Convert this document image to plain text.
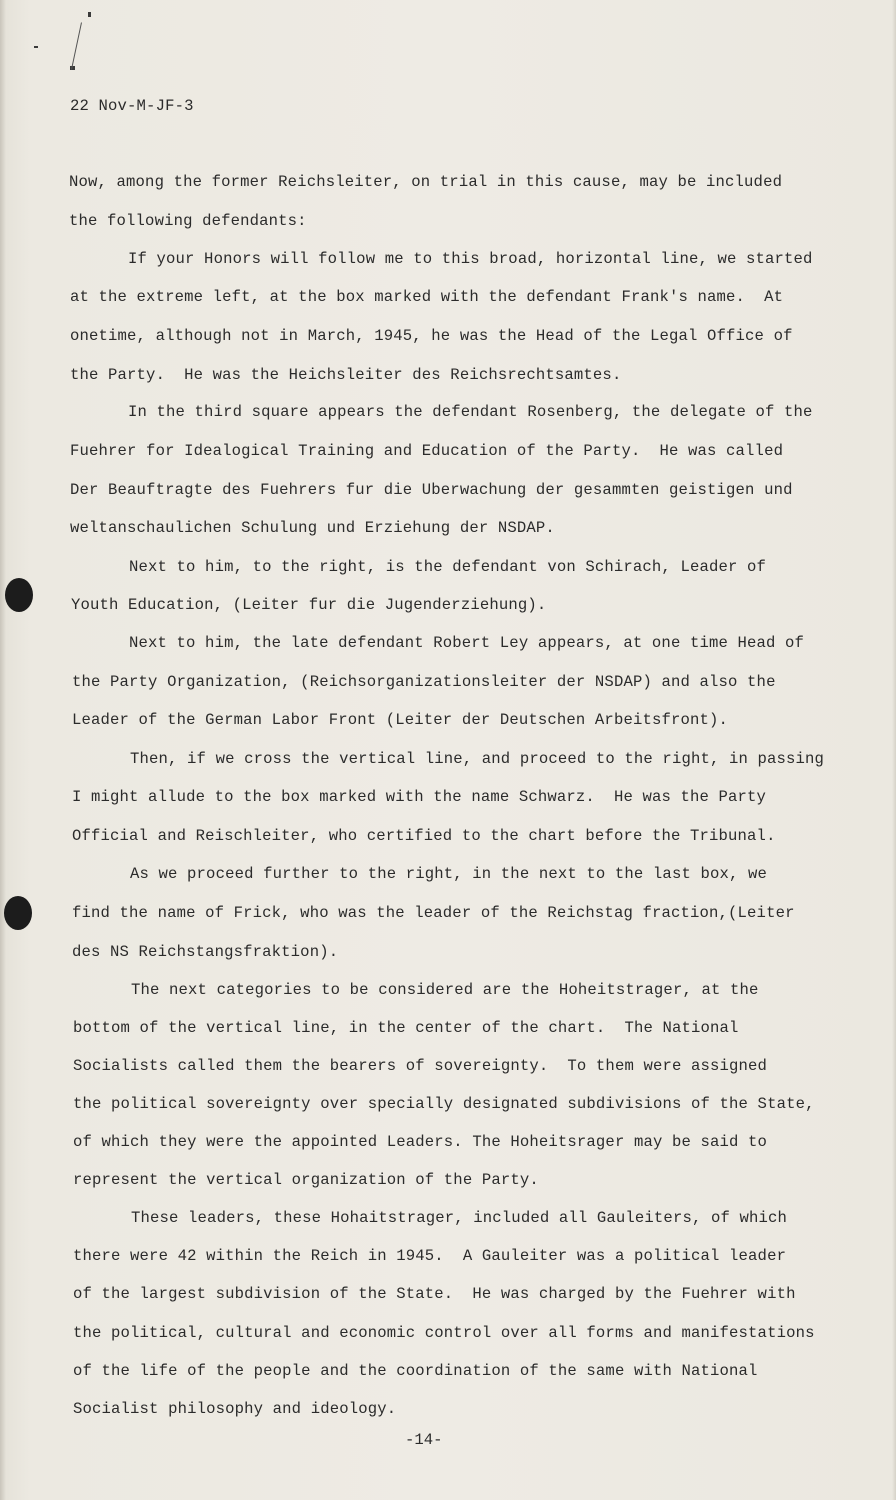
22 Nov-M-JF-3
Now, among the former Reichsleiter, on trial in this cause, may be included
the following defendants:
If your Honors will follow me to this broad, horizontal line, we started
at the extreme left, at the box marked with the defendant Frank's name.  At
onetime, although not in March, 1945, he was the Head of the Legal Office of
the Party.  He was the Heichsleiter des Reichsrechtsamtes.
In the third square appears the defendant Rosenberg, the delegate of the
Fuehrer for Idealogical Training and Education of the Party.  He was called
Der Beauftragte des Fuehrers fur die Uberwachung der gesammten geistigen und
weltanschaulichen Schulung und Erziehung der NSDAP.
Next to him, to the right, is the defendant von Schirach, Leader of
Youth Education, (Leiter fur die Jugenderziehung).
Next to him, the late defendant Robert Ley appears, at one time Head of
the Party Organization, (Reichsorganizationsleiter der NSDAP) and also the
Leader of the German Labor Front (Leiter der Deutschen Arbeitsfront).
Then, if we cross the vertical line, and proceed to the right, in passing
I might allude to the box marked with the name Schwarz.  He was the Party
Official and Reischleiter, who certified to the chart before the Tribunal.
As we proceed further to the right, in the next to the last box, we
find the name of Frick, who was the leader of the Reichstag fraction,(Leiter
des NS Reichstangsfraktion).
The next categories to be considered are the Hoheitstrager, at the
bottom of the vertical line, in the center of the chart.  The National
Socialists called them the bearers of sovereignty.  To them were assigned
the political sovereignty over specially designated subdivisions of the State,
of which they were the appointed Leaders. The Hoheitsrager may be said to
represent the vertical organization of the Party.
These leaders, these Hohaitstrager, included all Gauleiters, of which
there were 42 within the Reich in 1945.  A Gauleiter was a political leader
of the largest subdivision of the State.  He was charged by the Fuehrer with
the political, cultural and economic control over all forms and manifestations
of the life of the people and the coordination of the same with National
Socialist philosophy and ideology.
-14-
